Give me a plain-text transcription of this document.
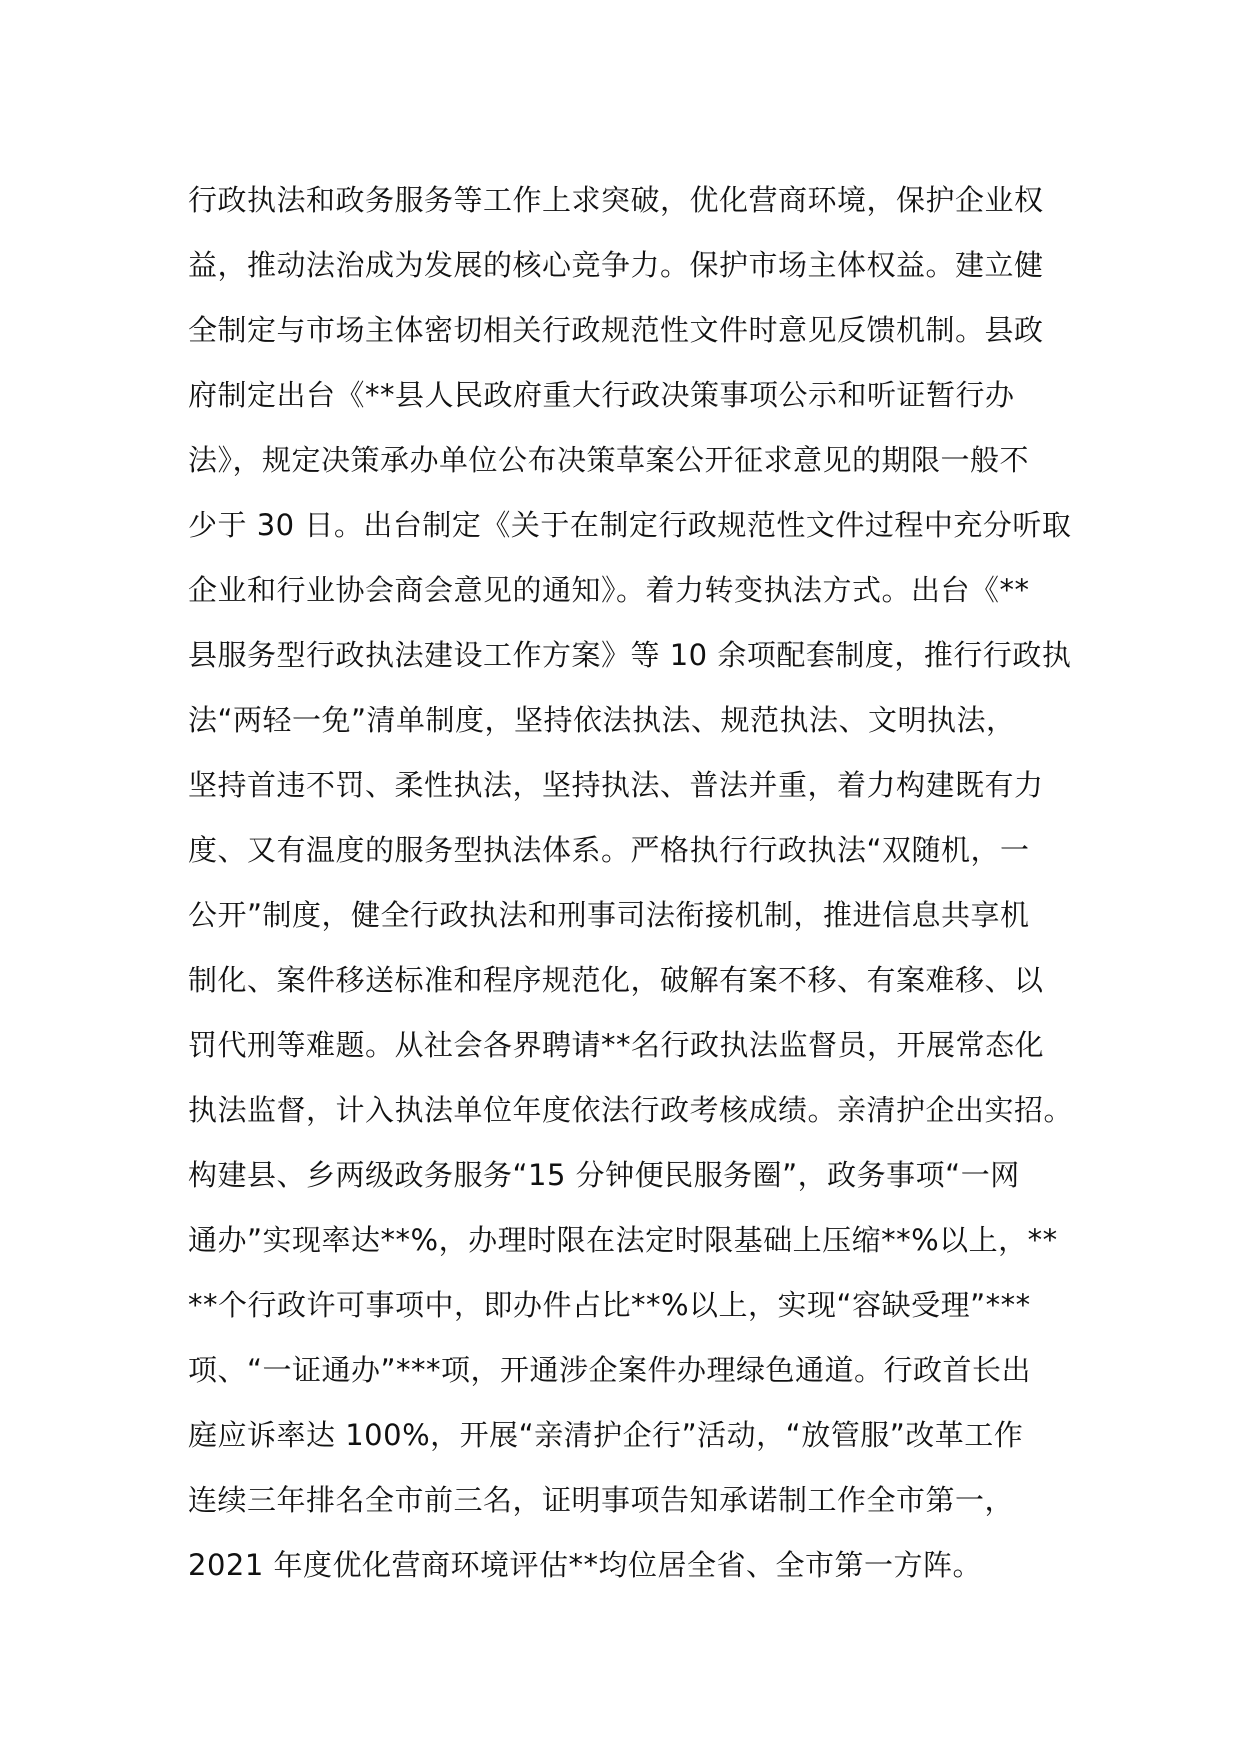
行政执法和政务服务等工作上求突破，优化营商环境，保护企业权
益，推动法治成为发展的核心竞争力。保护市场主体权益。建立健
全制定与市场主体密切相关行政规范性文件时意见反馈机制。县政
府制定出台《**县人民政府重大行政决策事项公示和听证暂行办
法》，规定决策承办单位公布决策草案公开征求意见的期限一般不
少于 30 日。出台制定《关于在制定行政规范性文件过程中充分听取
企业和行业协会商会意见的通知》。着力转变执法方式。出台《**
县服务型行政执法建设工作方案》等 10 余项配套制度，推行行政执
法“两轻一免”清单制度，坚持依法执法、规范执法、文明执法，
坚持首违不罚、柔性执法，坚持执法、普法并重，着力构建既有力
度、又有温度的服务型执法体系。严格执行行政执法“双随机，一
公开”制度，健全行政执法和刑事司法衔接机制，推进信息共享机
制化、案件移送标准和程序规范化，破解有案不移、有案难移、以
罚代刑等难题。从社会各界聘请**名行政执法监督员，开展常态化
执法监督，计入执法单位年度依法行政考核成绩。亲清护企出实招。
构建县、乡两级政务服务“15 分钟便民服务圈”，政务事项“一网
通办”实现率达**%，办理时限在法定时限基础上压缩**%以上，**
**个行政许可事项中，即办件占比**%以上，实现“容缺受理”***
项、“一证通办”***项，开通涉企案件办理绿色通道。行政首长出
庭应诉率达 100%，开展“亲清护企行”活动，“放管服”改革工作
连续三年排名全市前三名，证明事项告知承诺制工作全市第一，
2021 年度优化营商环境评估**均位居全省、全市第一方阵。
